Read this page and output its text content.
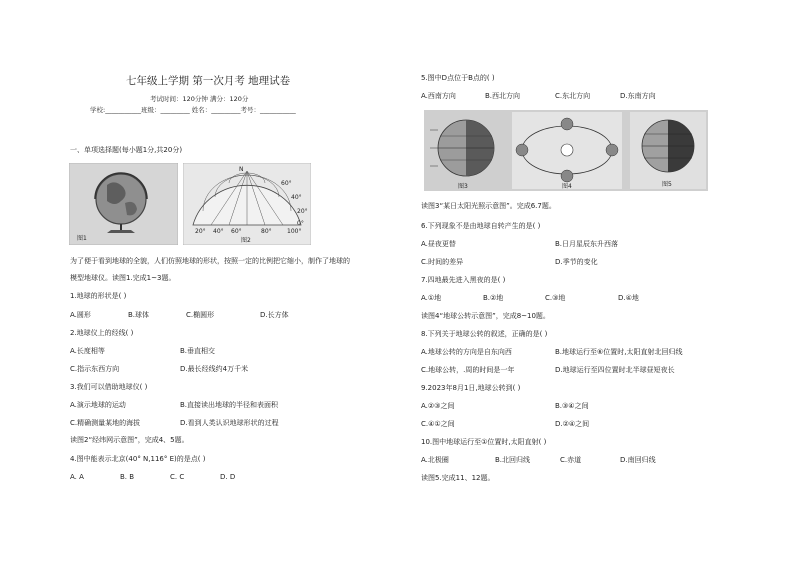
七年级上学期 第一次月考 地理试卷
考试时间：120分钟 满分：120分
学校:___________班级：_________ 姓名：_________考号：___________
一、单项选择题(每小题1分,共20分)
图1
N
60°
40°
20°
0°
20° 40° 60°	80°	100°
图2
为了便于看到地球的全貌，人们仿照地球的形状，按照一定的比例把它缩小，制作了地球的
模型地球仪。读图1.完成1~3题。
1.地球的形状是( )
A.圆形	B.球体	C.椭圆形	D.长方体
2.地球仪上的经线( )
A.长度相等	B.垂直相交
C.指示东西方向	D.最长经线约4万千米
3.我们可以借助地球仪( )
A.演示地球的运动	B.直接读出地球的半径和表面积
C.精确测量某地的海拔	D.看到人类认识地球形状的过程
读图2“经纬网示意图”，完成4、5题。
4.图中能表示北京(40° N,116° E)的是点( )
A. A	B. B	C. C	D. D
5.图中D点位于B点的( )
A.西南方向	B.西北方向	C.东北方向	D.东南方向
图3	图4	图5
读图3“某日太阳光照示意图”。完成6.7题。
6.下列现象不是由地球自转产生的是( )
A.昼夜更替	B.日月星辰东升西落
C.时间的差异	D.季节的变化
7.四地最先进入黑夜的是( )
A.①地	B.②地	C.③地	D.④地
读图4“地球公转示意图”，完成8~10题。
8.下列关于地球公转的叙述，正确的是( )
A.地球公转的方向是自东向西	B.地球运行至⑥位置时,太阳直射北回归线
C.地球公转，.周的时间是一年	D.地球运行至四位置时北半球昼短夜长
9.2023年8月1日,地球公转到( )
A.②③之间	B.③④之间
C.④①之间	D.②④之间
10.图中地球运行至①位置时,太阳直射( )
A.北极圈	B.北回归线	C.赤道	D.南回归线
读图5.完成11、12题。
